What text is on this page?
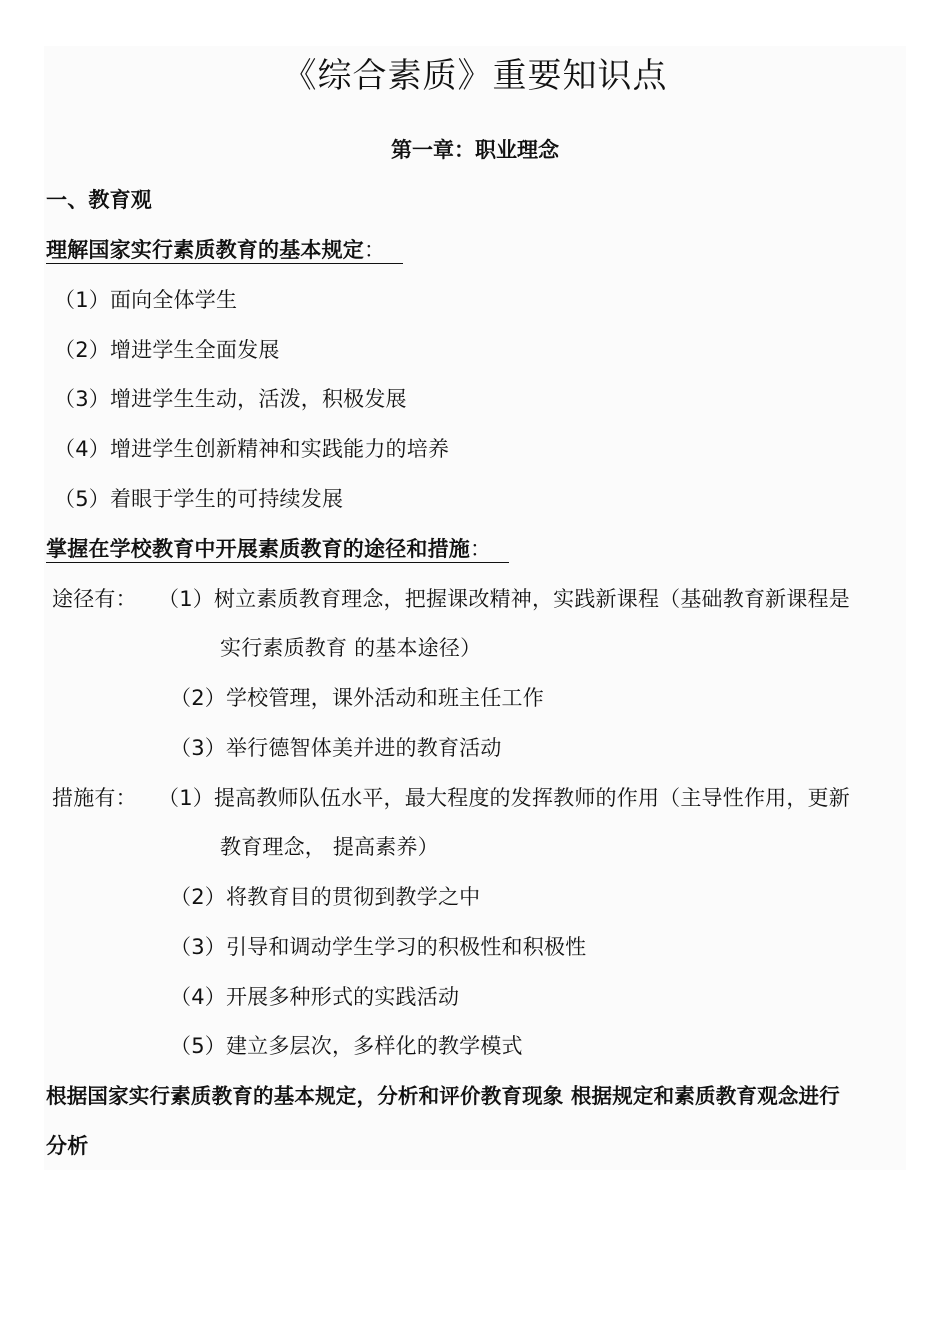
《综合素质》重要知识点
第一章：职业理念
一、教育观
理解国家实行素质教育的基本规定：
（1）面向全体学生
（2）增进学生全面发展
（3）增进学生生动，活泼，积极发展
（4）增进学生创新精神和实践能力的培养
（5）着眼于学生的可持续发展
掌握在学校教育中开展素质教育的途径和措施：
途径有： （1）树立素质教育理念，把握课改精神，实践新课程（基础教育新课程是
实行素质教育 的基本途径）
（2）学校管理，课外活动和班主任工作
（3）举行德智体美并进的教育活动
措施有： （1）提高教师队伍水平，最大程度的发挥教师的作用（主导性作用，更新
教育理念， 提高素养）
（2）将教育目的贯彻到教学之中
（3）引导和调动学生学习的积极性和积极性
（4）开展多种形式的实践活动
（5）建立多层次，多样化的教学模式
根据国家实行素质教育的基本规定，分析和评价教育现象 根据规定和素质教育观念进行
分析
